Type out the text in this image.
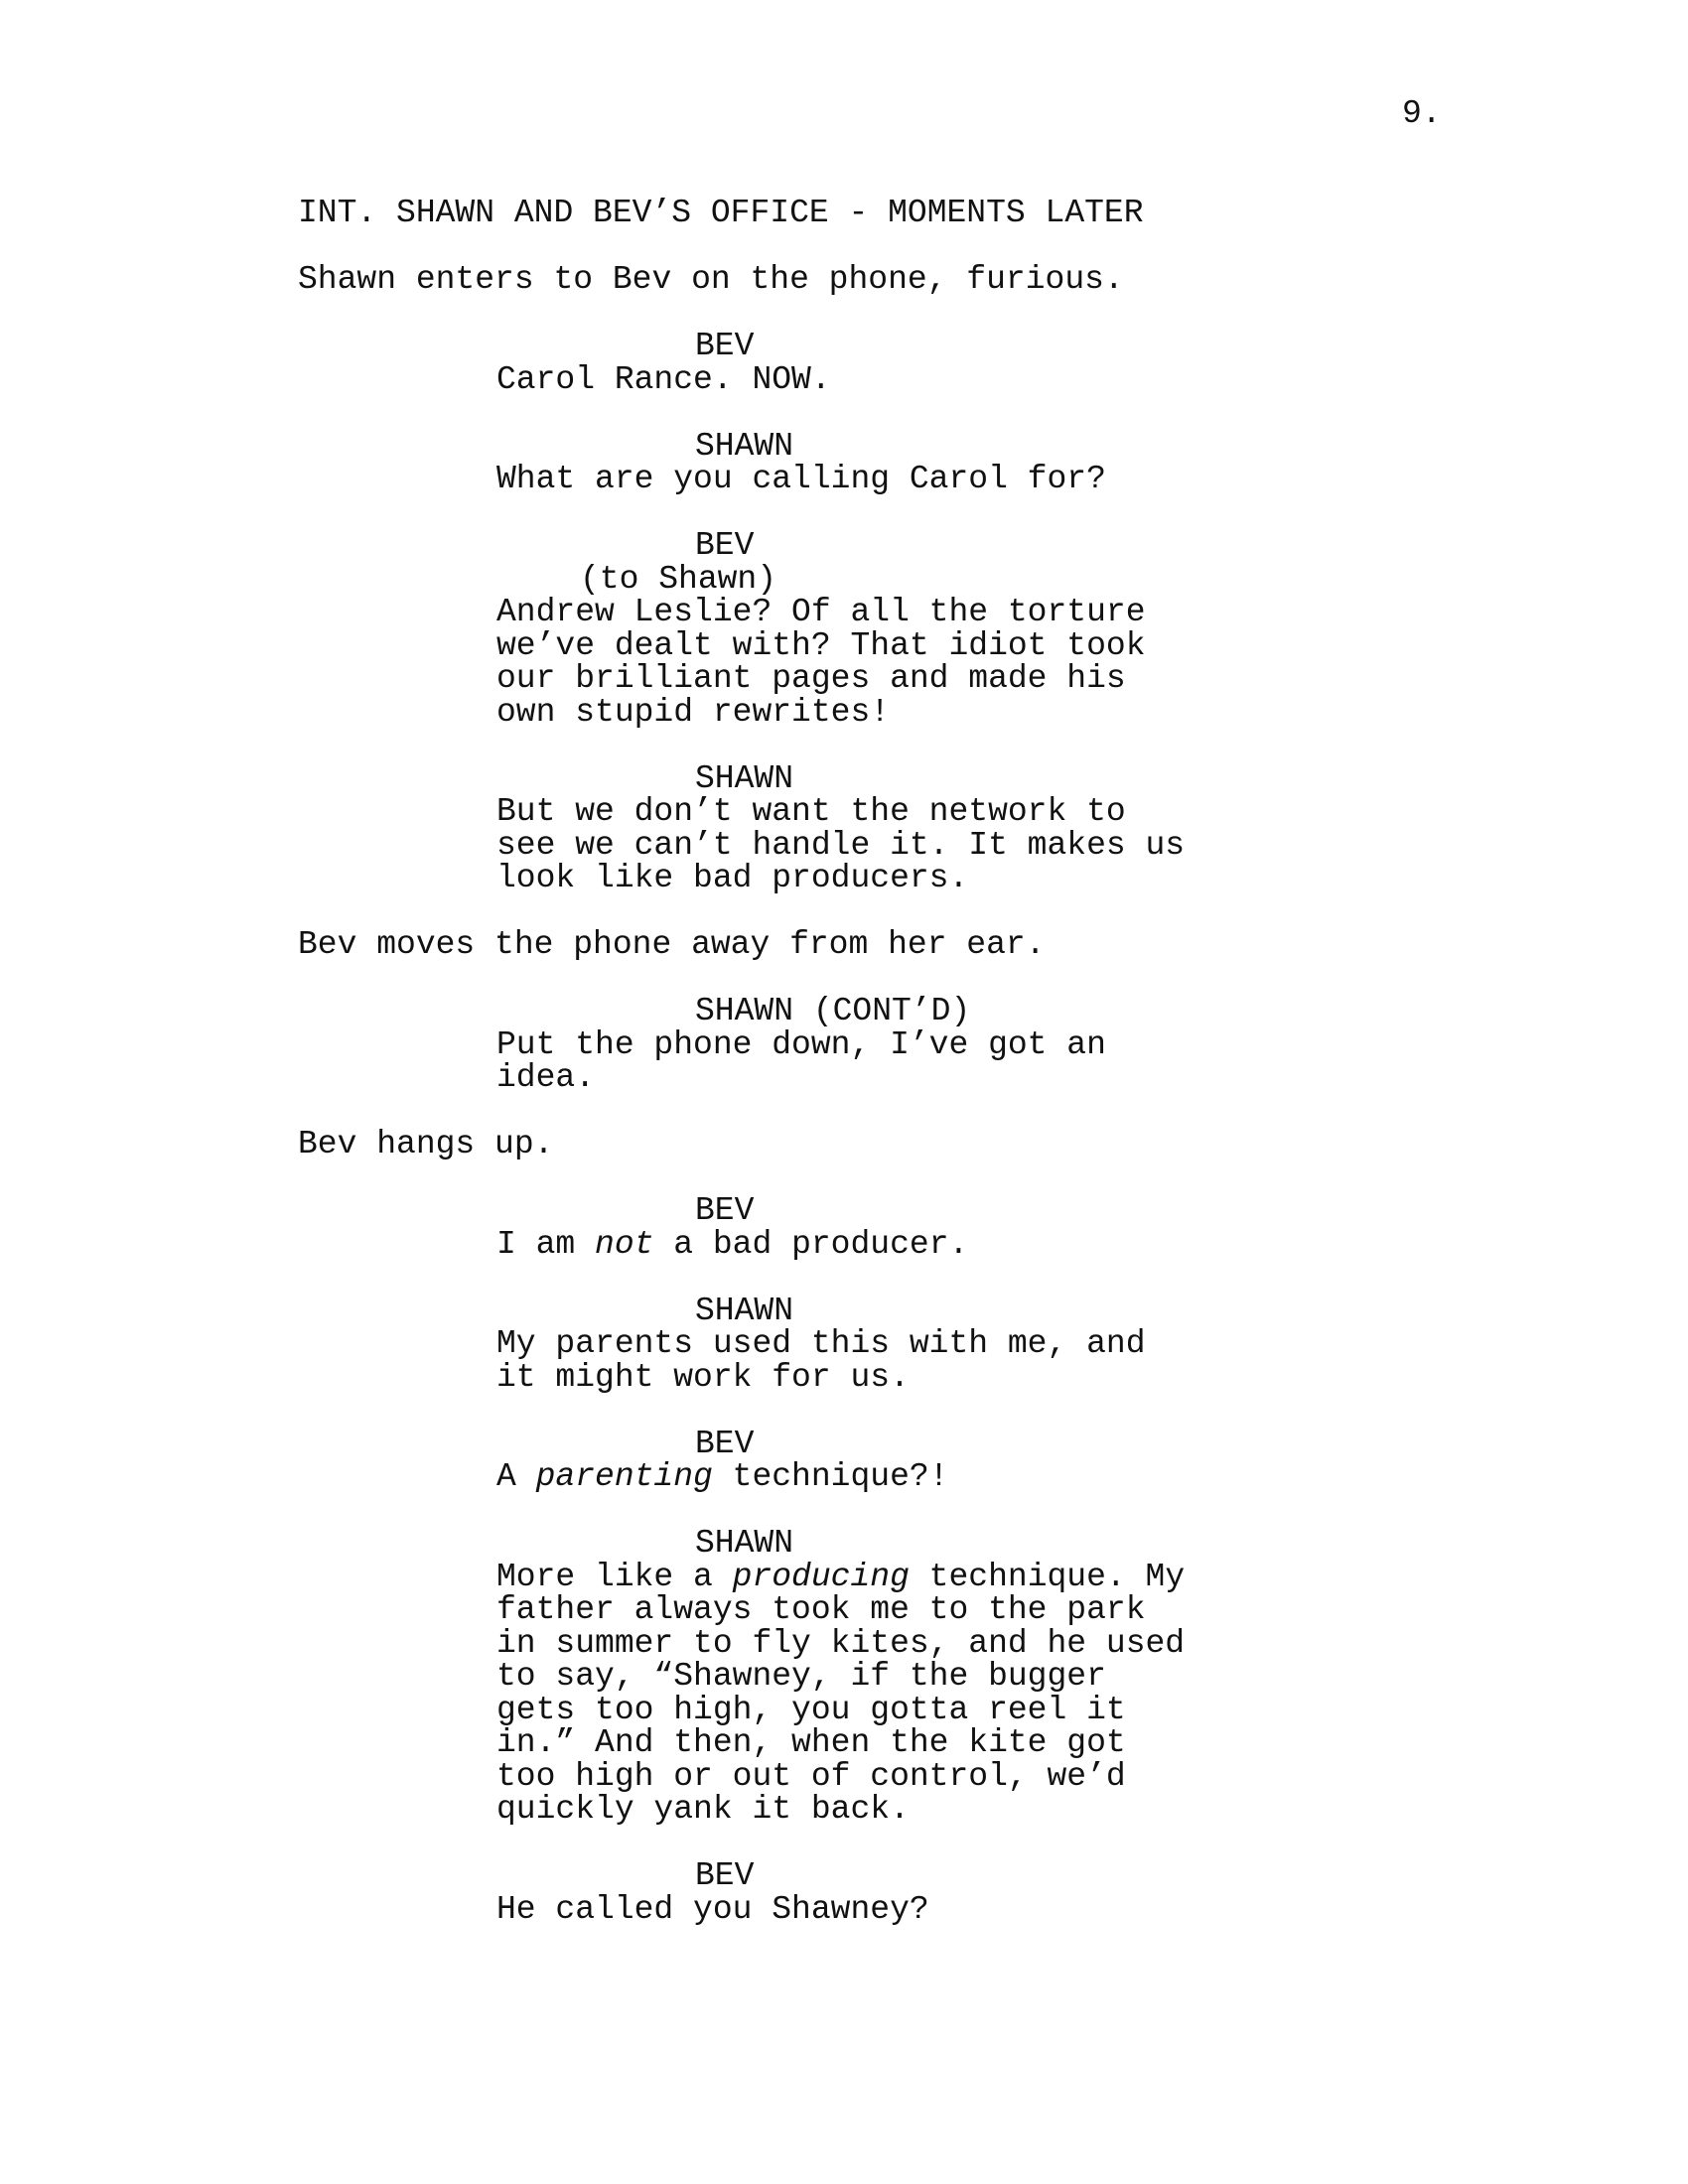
9.
INT. SHAWN AND BEV’S OFFICE - MOMENTS LATER
Shawn enters to Bev on the phone, furious.
BEV
Carol Rance. NOW.
SHAWN
What are you calling Carol for?
BEV
(to Shawn)
Andrew Leslie? Of all the torture
we’ve dealt with? That idiot took
our brilliant pages and made his
own stupid rewrites!
SHAWN
But we don’t want the network to
see we can’t handle it. It makes us
look like bad producers.
Bev moves the phone away from her ear.
SHAWN (CONT’D)
Put the phone down, I’ve got an
idea.
Bev hangs up.
BEV
I am not a bad producer.
SHAWN
My parents used this with me, and
it might work for us.
BEV
A parenting technique?!
SHAWN
More like a producing technique. My
father always took me to the park
in summer to fly kites, and he used
to say, “Shawney, if the bugger
gets too high, you gotta reel it
in.” And then, when the kite got
too high or out of control, we’d
quickly yank it back.
BEV
He called you Shawney?
